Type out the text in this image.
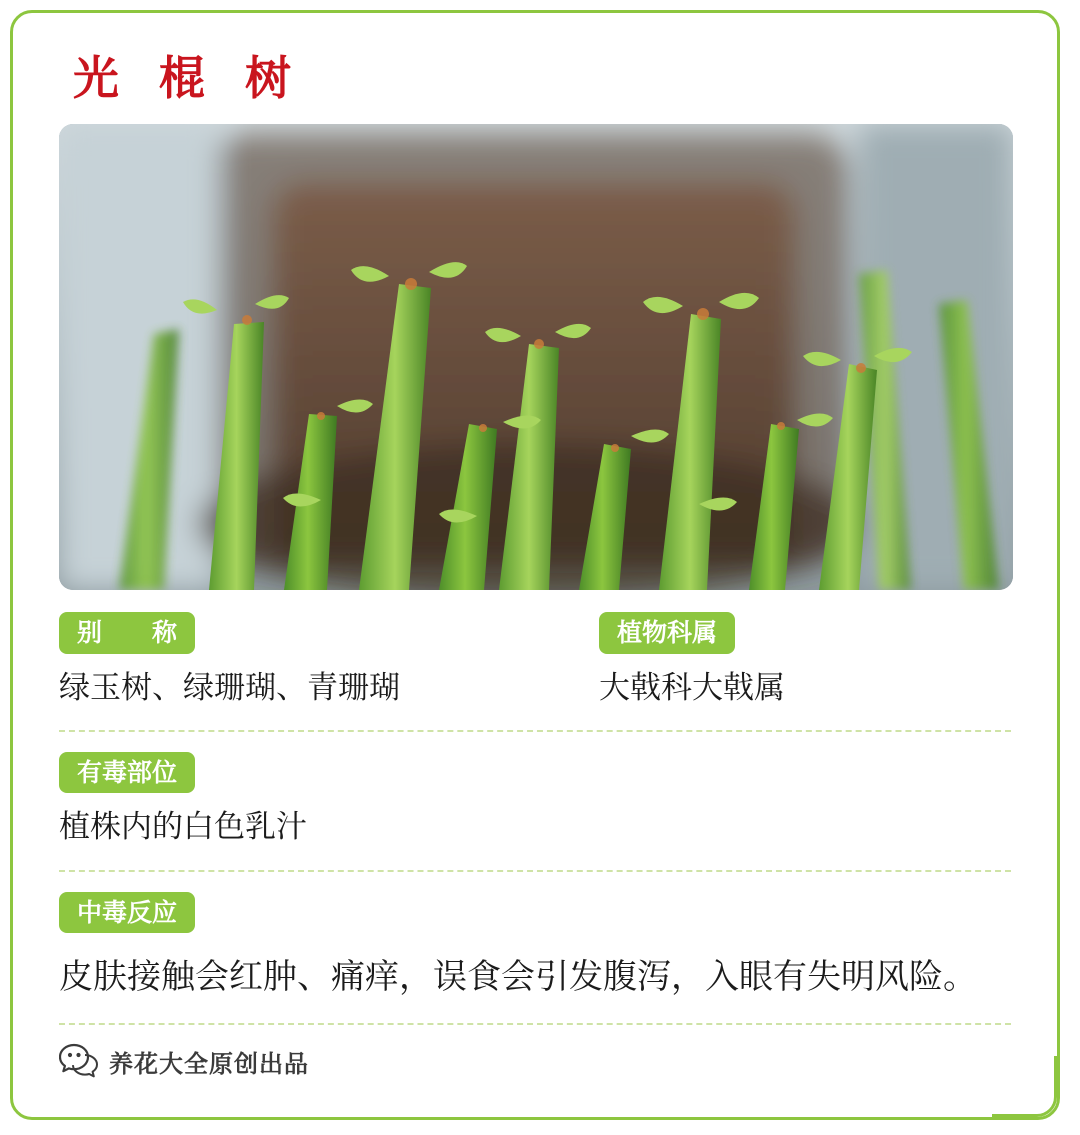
光 棍 树
别　　称
绿玉树、绿珊瑚、青珊瑚
植物科属
大戟科大戟属
有毒部位
植株内的白色乳汁
中毒反应
皮肤接触会红肿、痛痒，误食会引发腹泻，入眼有失明风险。
养花大全原创出品
